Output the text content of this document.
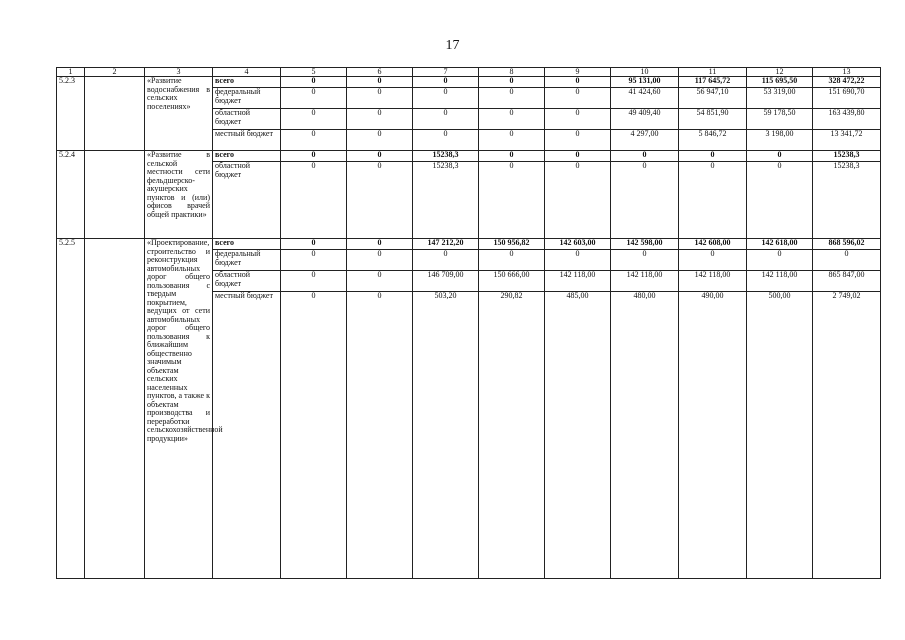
17
1	2	3	4	5	6	7	8	9	10	11	12	13
5.2.3		«Развитие водоснабжения в сельских поселениях»	всего	0	0	0	0	0	95 131,00	117 645,72	115 695,50	328 472,22
			федеральный бюджет	0	0	0	0	0	41 424,60	56 947,10	53 319,00	151 690,70
			областной бюджет	0	0	0	0	0	49 409,40	54 851,90	59 178,50	163 439,80
			местный бюджет	0	0	0	0	0	4 297,00	5 846,72	3 198,00	13 341,72
5.2.4		«Развитие в сельской местности сети фельдшерско-акушерских пунктов и (или) офисов врачей общей практики»	всего	0	0	15238,3	0	0	0	0	0	15238,3
			областной бюджет	0	0	15238,3	0	0	0	0	0	15238,3
5.2.5		«Проектирование, строительство и реконструкция автомобильных дорог общего пользования с твердым покрытием, ведущих от сети автомобильных дорог общего пользования к ближайшим общественно значимым объектам сельских населенных пунктов, а также к объектам производства и переработки сельскохозяйственной продукции»	всего	0	0	147 212,20	150 956,82	142 603,00	142 598,00	142 608,00	142 618,00	868 596,02
			федеральный бюджет	0	0	0	0	0	0	0	0	0
			областной бюджет	0	0	146 709,00	150 666,00	142 118,00	142 118,00	142 118,00	142 118,00	865 847,00
			местный бюджет	0	0	503,20	290,82	485,00	480,00	490,00	500,00	2 749,02
